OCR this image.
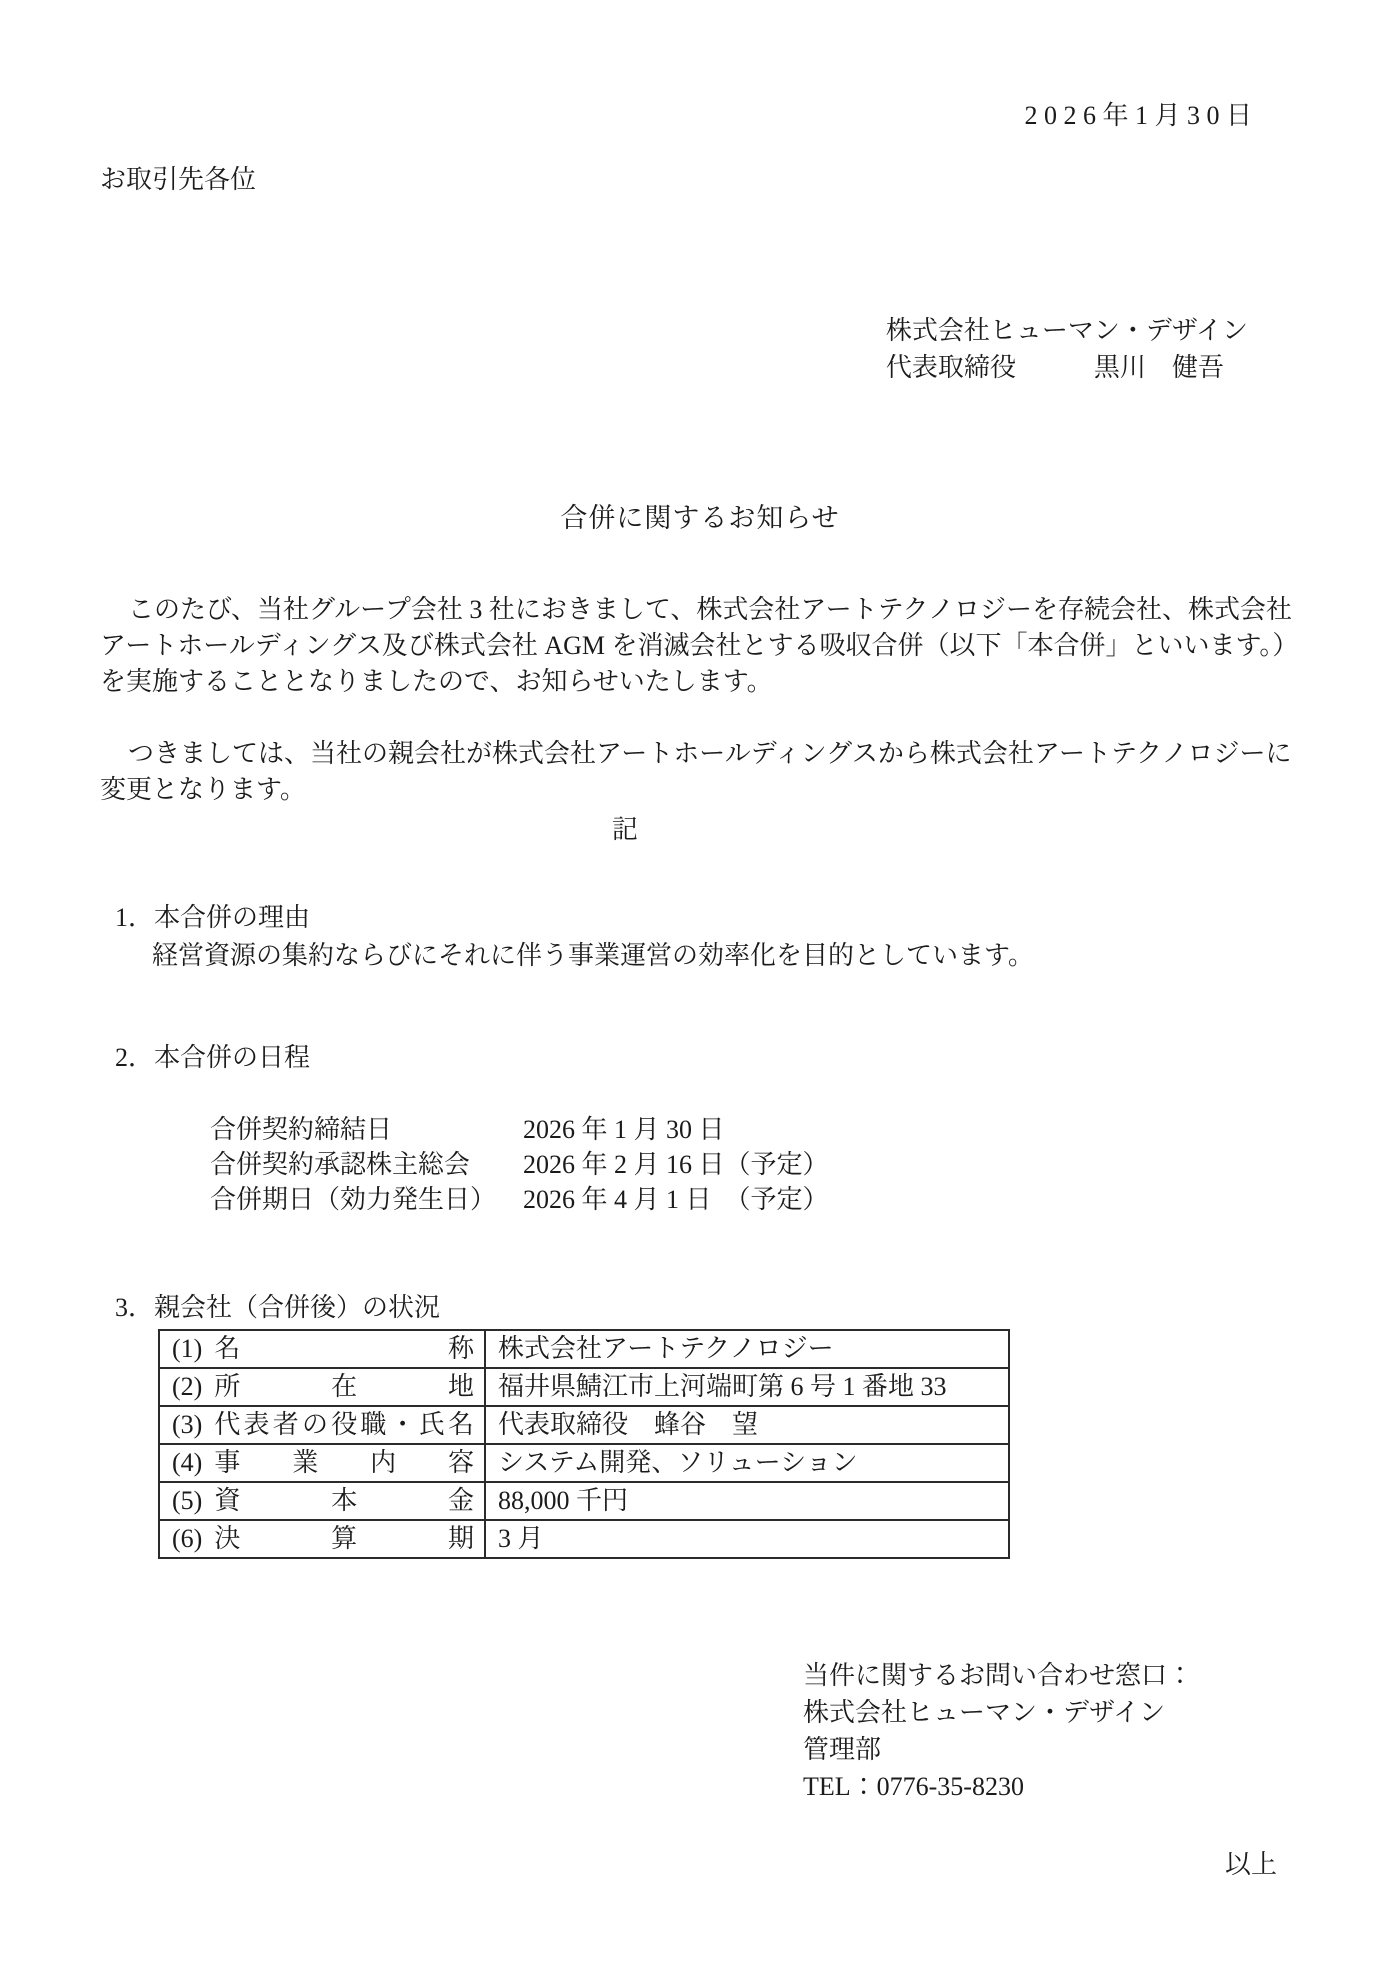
2 0 2 6 年 1 月 3 0 日
お取引先各位
株式会社ヒューマン・デザイン
代表取締役　　　黒川　健吾
合併に関するお知らせ

このたび、当社グループ会社 3 社におきまして、株式会社アートテクノロジーを存続会社、株式会社アートホールディングス及び株式会社 AGM を消滅会社とする吸収合併（以下「本合併」といいます。）を実施することとなりましたので、お知らせいたします。

つきましては、当社の親会社が株式会社アートホールディングスから株式会社アートテクノロジーに変更となります。

記
1．本合併の理由
経営資源の集約ならびにそれに伴う事業運営の効率化を目的としています。
2．本合併の日程
合併契約締結日	2026 年 1 月 30 日
合併契約承認株主総会	2026 年 2 月 16 日（予定）
合併期日（効力発生日）	2026 年 4 月 1 日　（予定）
3．親会社（合併後）の状況
(1) 名称	株式会社アートテクノロジー

(2) 所在地	福井県鯖江市上河端町第 6 号 1 番地 33

(3) 代表者の役職・氏名	代表取締役　蜂谷　望

(4) 事業内容	システム開発、ソリューション

(5) 資本金	88,000 千円

(6) 決算期	3 月
当件に関するお問い合わせ窓口：
株式会社ヒューマン・デザイン
管理部
TEL：0776-35-8230
以上
